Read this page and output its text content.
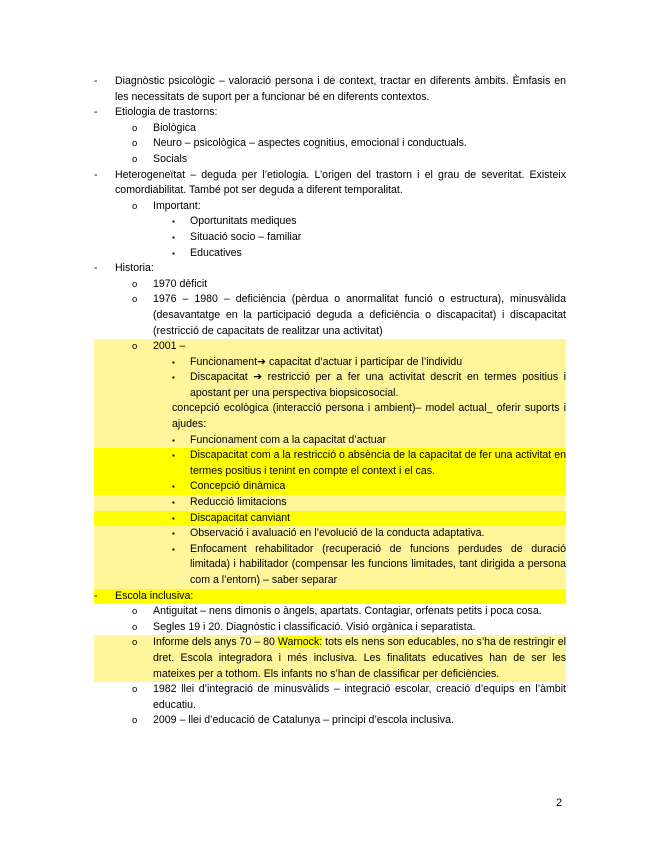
-	Diagnòstic psicològic – valoració persona i de context, tractar en diferents àmbits. Èmfasis en les necessitats de suport per a funcionar bé en diferents contextos.
-	Etiologia de trastorns:
o	Biològica
o	Neuro – psicològica – aspectes cognitius, emocional i conductuals.
o	Socials
-	Heterogeneïtat – deguda per l’etiologia. L’origen del trastorn i el grau de severitat. Existeix comordiabilitat. També pot ser deguda a diferent temporalitat.
o	Important:
▪	Oportunitats mediques
▪	Situació socio – familiar
▪	Educatives
-	Historia:
o	1970 dèficit
o	1976 – 1980 – deficiència (pèrdua o anormalitat funció o estructura), minusvàlida (desavantatge en la participació deguda a deficiència o discapacitat) i discapacitat (restricció de capacitats de realitzar una activitat)
o	2001 –
▪	Funcionament➔ capacitat d’actuar i participar de l’individu
▪	Discapacitat ➔ restricció per a fer una activitat descrit en termes positius i apostant per una perspectiva biopsicosocial.
concepció ecològica (interacció persona i ambient)– model actual_ oferir suports i ajudes:
▪	Funcionament com a la capacitat d’actuar
▪	Discapacitat com a la restricció o absència de la capacitat de fer una activitat en termes positius i tenint en compte el context i el cas.
▪	Concepció dinàmica
▪	Reducció limitacions
▪	Discapacitat canviant
▪	Observació i avaluació en l’evolució de la conducta adaptativa.
▪	Enfocament rehabilitador (recuperació de funcions perdudes de duració limitada) i habilitador (compensar les funcions limitades, tant dirigida a persona com a l’entorn) – saber separar
-	Escola inclusiva:
o	Antiguitat – nens dimonis o àngels, apartats. Contagiar, orfenats petits i poca cosa.
o	Segles 19 i 20. Diagnòstic i classificació. Visió orgànica i separatista.
o	Informe dels anys 70 – 80 Warnock: tots els nens son educables, no s’ha de restringir el dret. Escola integradora i més inclusiva. Les finalitats educatives han de ser les mateixes per a tothom. Els infants no s’han de classificar per deficiències.
o	1982 llei d’integració de minusvàlids – integració escolar, creació d’equips en l’àmbit educatiu.
o	2009 – llei d’educació de Catalunya – principi d’escola inclusiva.
2
